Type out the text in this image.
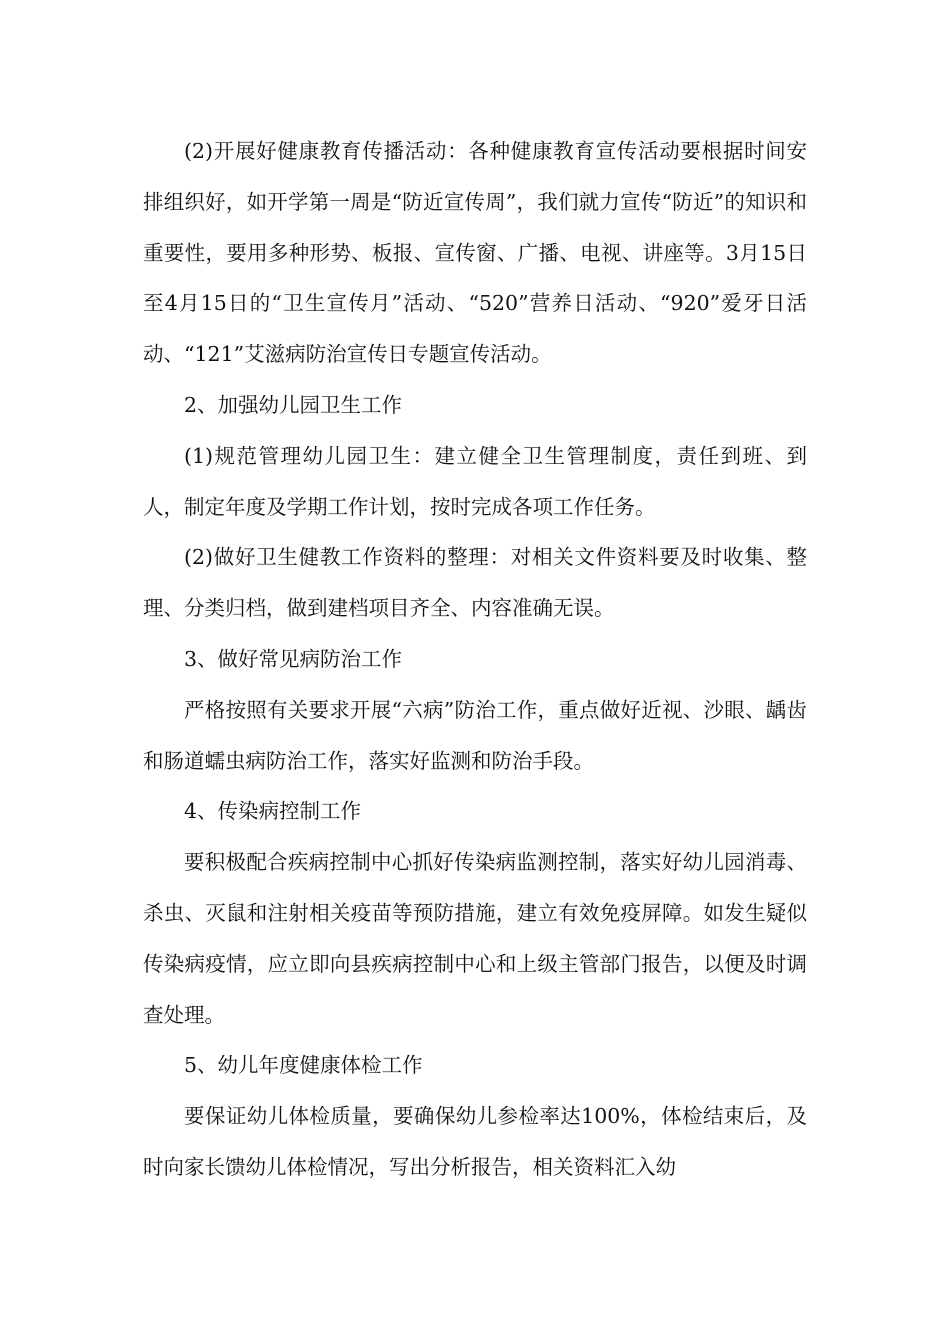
(2)开展好健康教育传播活动：各种健康教育宣传活动要根据时间安排组织好，如开学第一周是“防近宣传周”，我们就力宣传“防近”的知识和重要性，要用多种形势、板报、宣传窗、广播、电视、讲座等。3月15日至4月15日的“卫生宣传月”活动、“520”营养日活动、“920”爱牙日活动、“121”艾滋病防治宣传日专题宣传活动。

2、加强幼儿园卫生工作

(1)规范管理幼儿园卫生：建立健全卫生管理制度，责任到班、到人，制定年度及学期工作计划，按时完成各项工作任务。

(2)做好卫生健教工作资料的整理：对相关文件资料要及时收集、整理、分类归档，做到建档项目齐全、内容准确无误。

3、做好常见病防治工作

严格按照有关要求开展“六病”防治工作，重点做好近视、沙眼、龋齿和肠道蠕虫病防治工作，落实好监测和防治手段。

4、传染病控制工作

要积极配合疾病控制中心抓好传染病监测控制，落实好幼儿园消毒、杀虫、灭鼠和注射相关疫苗等预防措施，建立有效免疫屏障。如发生疑似传染病疫情，应立即向县疾病控制中心和上级主管部门报告，以便及时调查处理。

5、幼儿年度健康体检工作

要保证幼儿体检质量，要确保幼儿参检率达100%，体检结束后，及时向家长馈幼儿体检情况，写出分析报告，相关资料汇入幼
